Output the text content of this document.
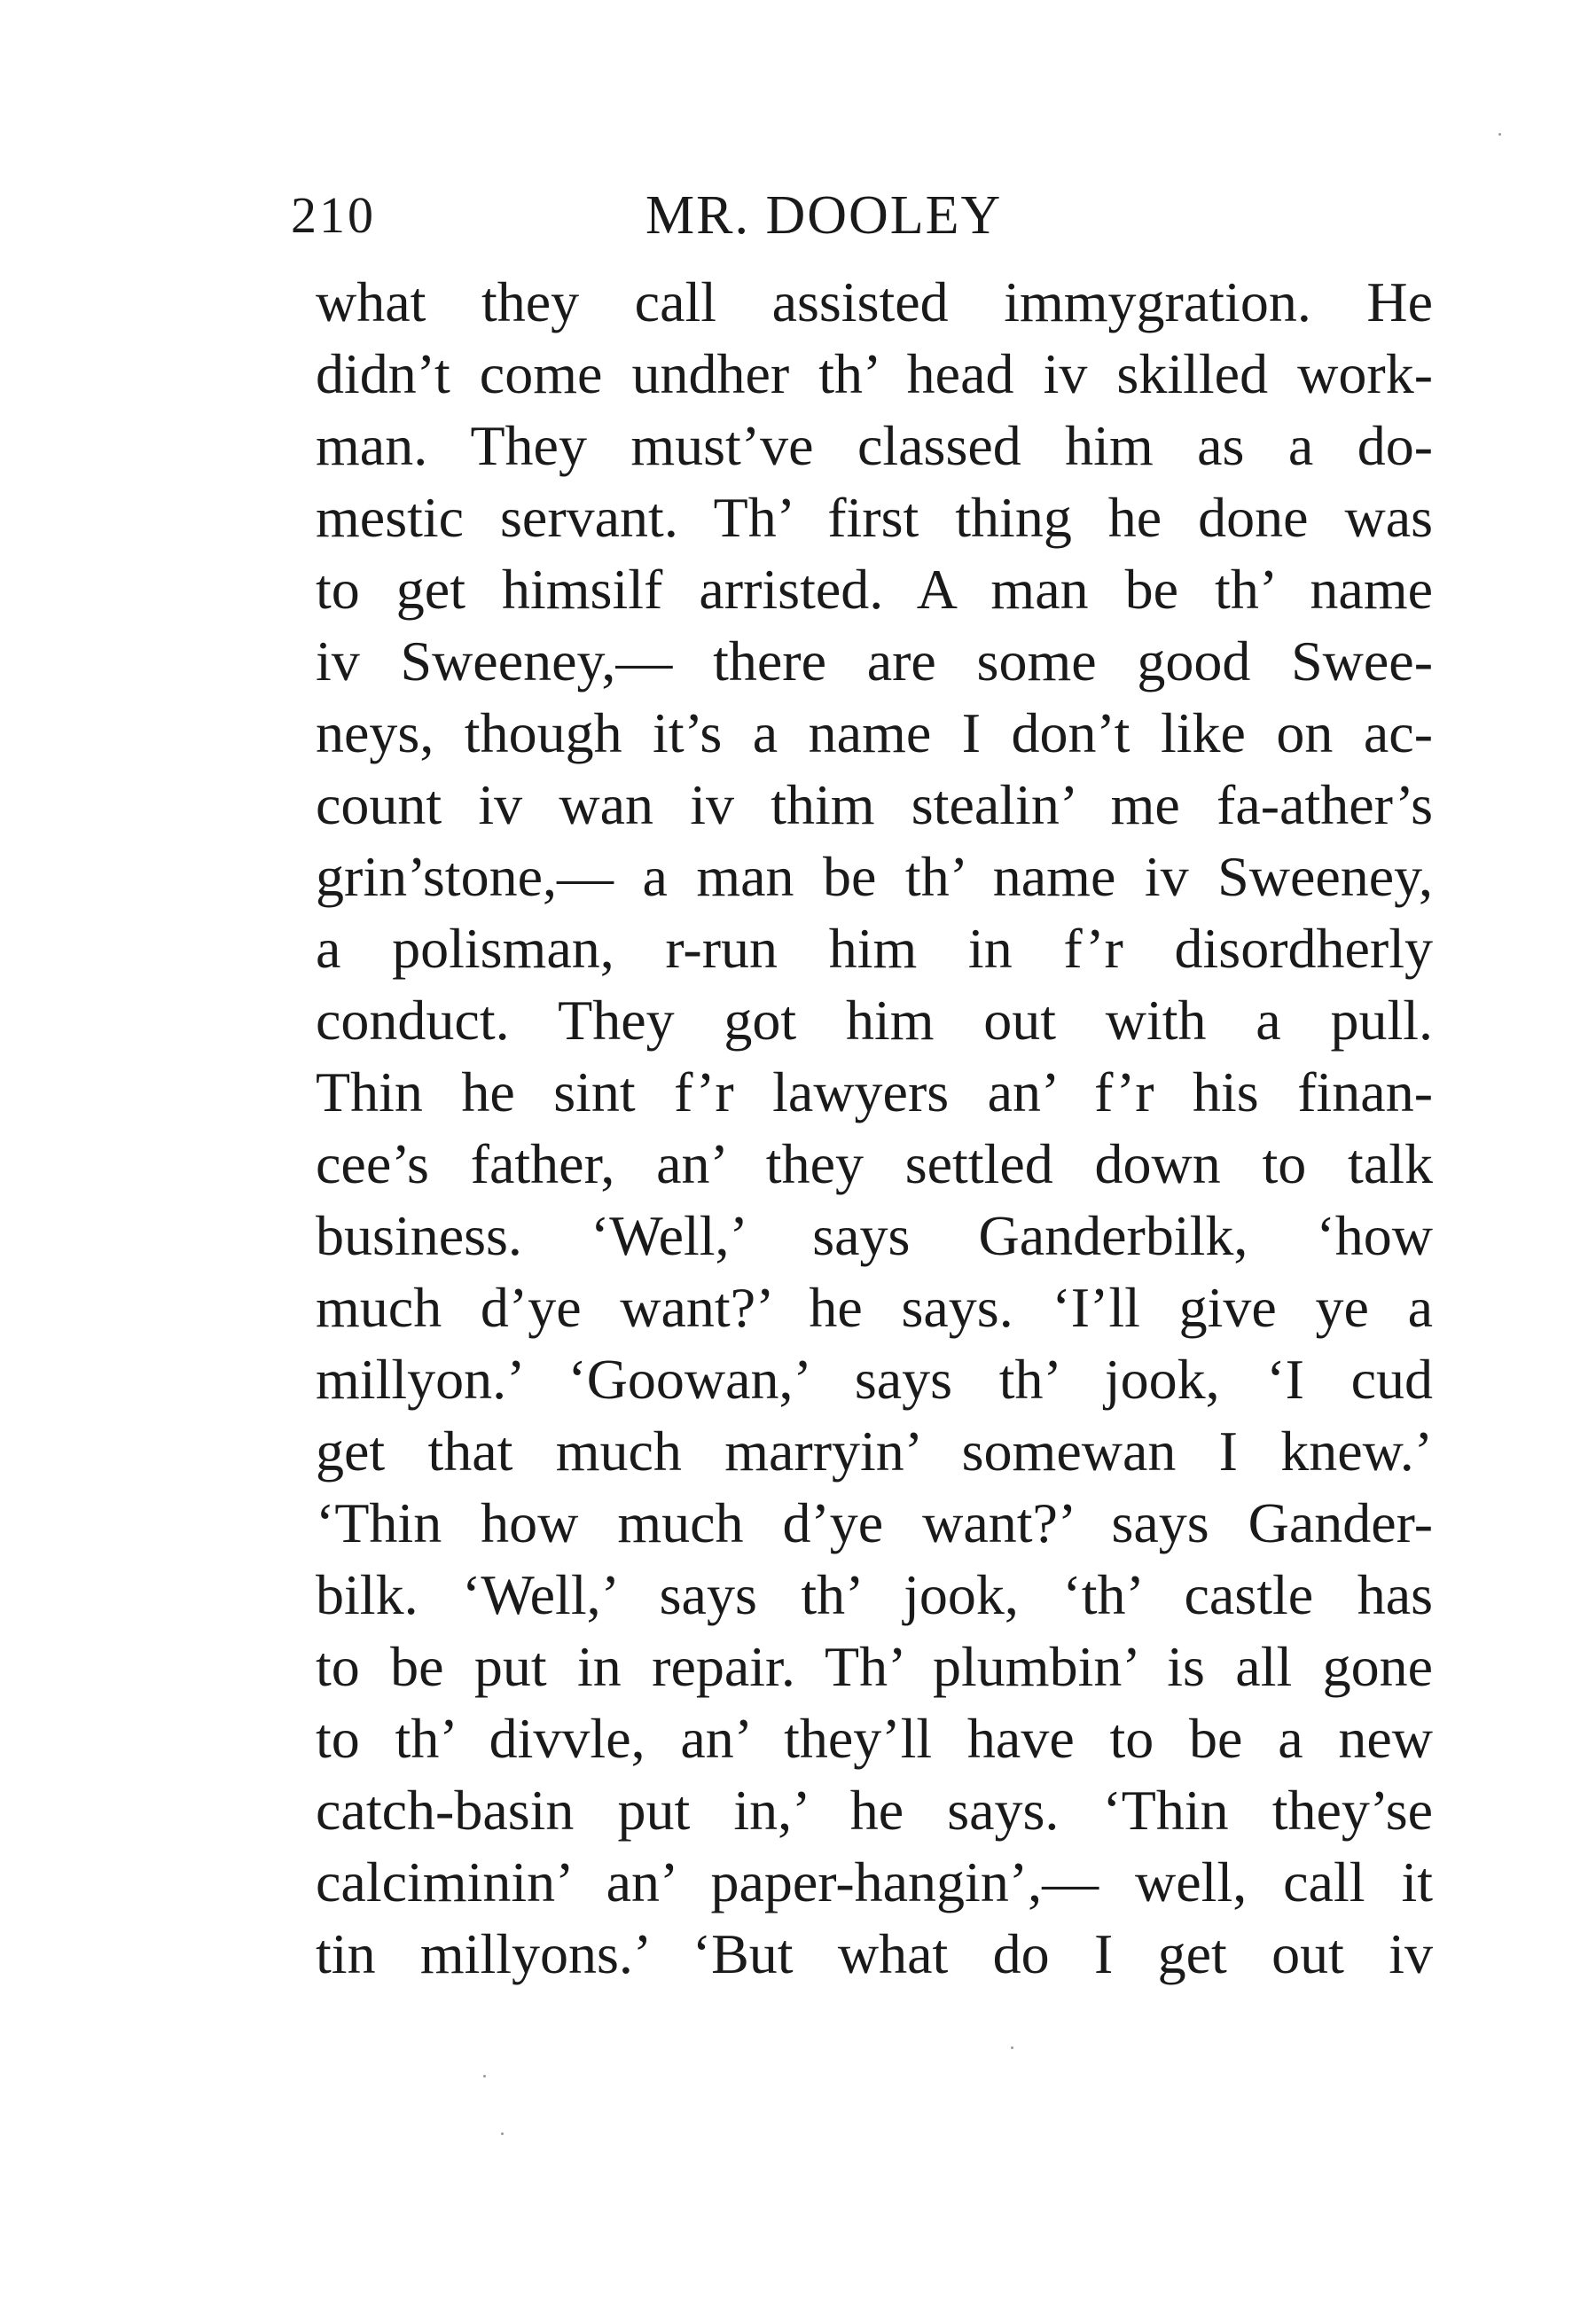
210	MR. DOOLEY
what they call assisted immygration. He
didn’t come undher th’ head iv skilled work-
man. They must’ve classed him as a do-
mestic servant. Th’ first thing he done was
to get himsilf arristed. A man be th’ name
iv Sweeney,— there are some good Swee-
neys, though it’s a name I don’t like on ac-
count iv wan iv thim stealin’ me fa-ather’s
grin’stone,— a man be th’ name iv Sweeney,
a polisman, r-run him in f’r disordherly
conduct. They got him out with a pull.
Thin he sint f’r lawyers an’ f’r his finan-
cee’s father, an’ they settled down to talk
business. ‘Well,’ says Ganderbilk, ‘how
much d’ye want?’ he says. ‘I’ll give ye a
millyon.’ ‘Goowan,’ says th’ jook, ‘I cud
get that much marryin’ somewan I knew.’
‘Thin how much d’ye want?’ says Gander-
bilk. ‘Well,’ says th’ jook, ‘th’ castle has
to be put in repair. Th’ plumbin’ is all gone
to th’ divvle, an’ they’ll have to be a new
catch-basin put in,’ he says. ‘Thin they’se
calciminin’ an’ paper-hangin’,— well, call it
tin millyons.’ ‘But what do I get out iv
